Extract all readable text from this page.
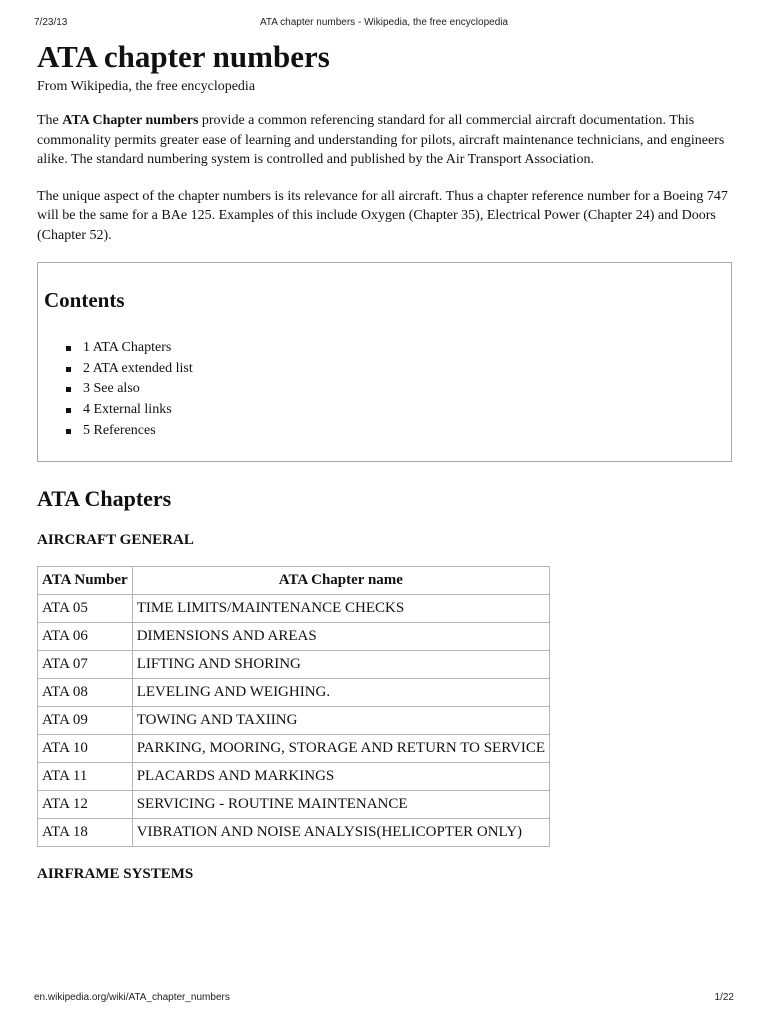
7/23/13	ATA chapter numbers - Wikipedia, the free encyclopedia
ATA chapter numbers
From Wikipedia, the free encyclopedia

The ATA Chapter numbers provide a common referencing standard for all commercial aircraft documentation. This commonality permits greater ease of learning and understanding for pilots, aircraft maintenance technicians, and engineers alike. The standard numbering system is controlled and published by the Air Transport Association.

The unique aspect of the chapter numbers is its relevance for all aircraft. Thus a chapter reference number for a Boeing 747 will be the same for a BAe 125. Examples of this include Oxygen (Chapter 35), Electrical Power (Chapter 24) and Doors (Chapter 52).

Contents
1 ATA Chapters
2 ATA extended list
3 See also
4 External links
5 References
ATA Chapters
AIRCRAFT GENERAL
ATA Number	ATA Chapter name
ATA 05	TIME LIMITS/MAINTENANCE CHECKS
ATA 06	DIMENSIONS AND AREAS
ATA 07	LIFTING AND SHORING
ATA 08	LEVELING AND WEIGHING.
ATA 09	TOWING AND TAXIING
ATA 10	PARKING, MOORING, STORAGE AND RETURN TO SERVICE
ATA 11	PLACARDS AND MARKINGS
ATA 12	SERVICING - ROUTINE MAINTENANCE
ATA 18	VIBRATION AND NOISE ANALYSIS(HELICOPTER ONLY)
AIRFRAME SYSTEMS
en.wikipedia.org/wiki/ATA_chapter_numbers	1/22
